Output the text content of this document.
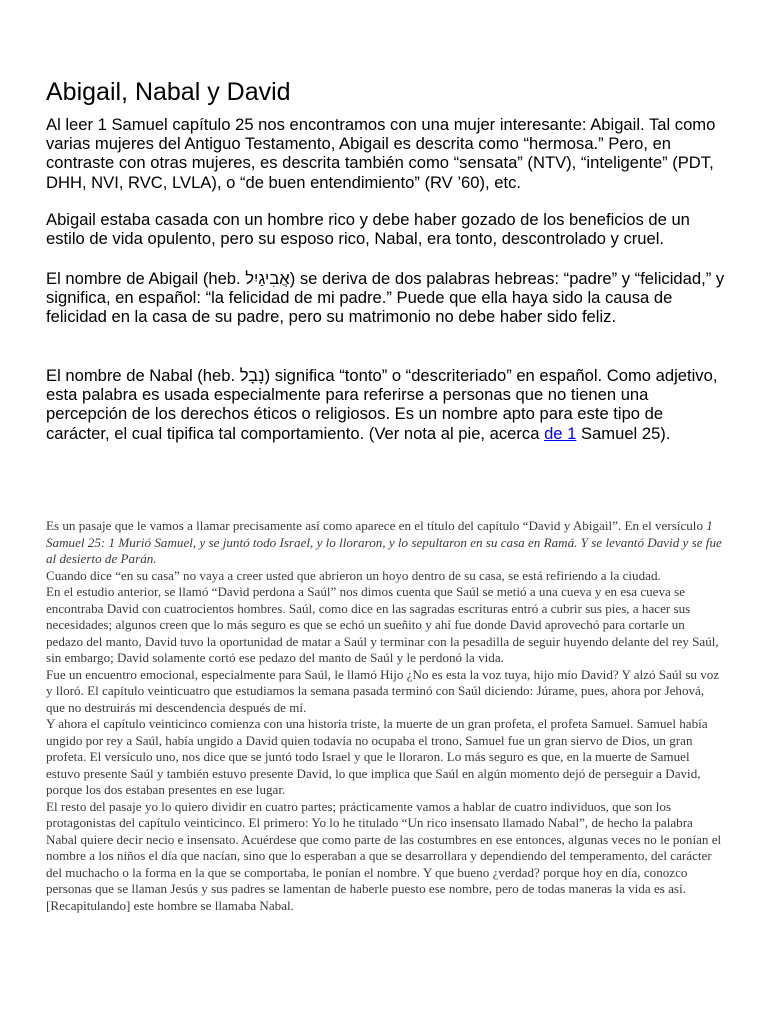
Abigail, Nabal y David

Al leer 1 Samuel capítulo 25 nos encontramos con una mujer interesante: Abigail. Tal como varias mujeres del Antiguo Testamento, Abigail es descrita como “hermosa.” Pero, en contraste con otras mujeres, es descrita también como “sensata” (NTV), “inteligente” (PDT, DHH, NVI, RVC, LVLA), o “de buen entendimiento” (RV ’60), etc.

Abigail estaba casada con un hombre rico y debe haber gozado de los beneficios de un estilo de vida opulento, pero su esposo rico, Nabal, era tonto, descontrolado y cruel.

El nombre de Abigail (heb. אֲבִיגַיִל) se deriva de dos palabras hebreas: “padre” y “felicidad,” y significa, en español: “la felicidad de mi padre.” Puede que ella haya sido la causa de felicidad en la casa de su padre, pero su matrimonio no debe haber sido feliz.

El nombre de Nabal (heb. נָבָל) significa “tonto” o “descriteriado” en español. Como adjetivo, esta palabra es usada especialmente para referirse a personas que no tienen una percepción de los derechos éticos o religiosos. Es un nombre apto para este tipo de carácter, el cual tipifica tal comportamiento. (Ver nota al pie, acerca de 1 Samuel 25).

Es un pasaje que le vamos a llamar precisamente así como aparece en el título del capítulo “David y Abigail”. En el versículo 1 Samuel 25: 1 Murió Samuel, y se juntó todo Israel, y lo lloraron, y lo sepultaron en su casa en Ramá. Y se levantó David y se fue al desierto de Parán.

Cuando dice “en su casa” no vaya a creer usted que abrieron un hoyo dentro de su casa, se está refiriendo a la ciudad.

En el estudio anterior, se llamó “David perdona a Saúl” nos dimos cuenta que Saúl se metió a una cueva y en esa cueva se encontraba David con cuatrocientos hombres. Saúl, como dice en las sagradas escrituras entró a cubrir sus pies, a hacer sus necesidades; algunos creen que lo más seguro es que se echó un sueñito y ahí fue donde David aprovechó para cortarle un pedazo del manto, David tuvo la oportunidad de matar a Saúl y terminar con la pesadilla de seguir huyendo delante del rey Saúl, sin embargo; David solamente cortó ese pedazo del manto de Saúl y le perdonó la vida.

Fue un encuentro emocional, especialmente para Saúl, le llamó Hijo ¿No es esta la voz tuya, hijo mío David? Y alzó Saúl su voz y lloró. El capítulo veinticuatro que estudiamos la semana pasada terminó con Saúl diciendo: Júrame, pues, ahora por Jehová, que no destruirás mi descendencia después de mí.

Y ahora el capítulo veinticinco comienza con una historia triste, la muerte de un gran profeta, el profeta Samuel. Samuel había ungido por rey a Saúl, había ungido a David quien todavía no ocupaba el trono, Samuel fue un gran siervo de Dios, un gran profeta. El versículo uno, nos dice que se juntó todo Israel y que le lloraron. Lo más seguro es que, en la muerte de Samuel estuvo presente Saúl y también estuvo presente David, lo que implica que Saúl en algún momento dejó de perseguir a David, porque los dos estaban presentes en ese lugar.

El resto del pasaje yo lo quiero dividir en cuatro partes; prácticamente vamos a hablar de cuatro individuos, que son los protagonistas del capítulo veinticinco. El primero: Yo lo he titulado “Un rico insensato llamado Nabal”, de hecho la palabra Nabal quiere decir necio e insensato. Acuérdese que como parte de las costumbres en ese entonces, algunas veces no le ponían el nombre a los niños el día que nacían, sino que lo esperaban a que se desarrollara y dependiendo del temperamento, del carácter del muchacho o la forma en la que se comportaba, le ponían el nombre. Y que bueno ¿verdad? porque hoy en día, conozco personas que se llaman Jesús y sus padres se lamentan de haberle puesto ese nombre, pero de todas maneras la vida es así. [Recapitulando] este hombre se llamaba Nabal.
